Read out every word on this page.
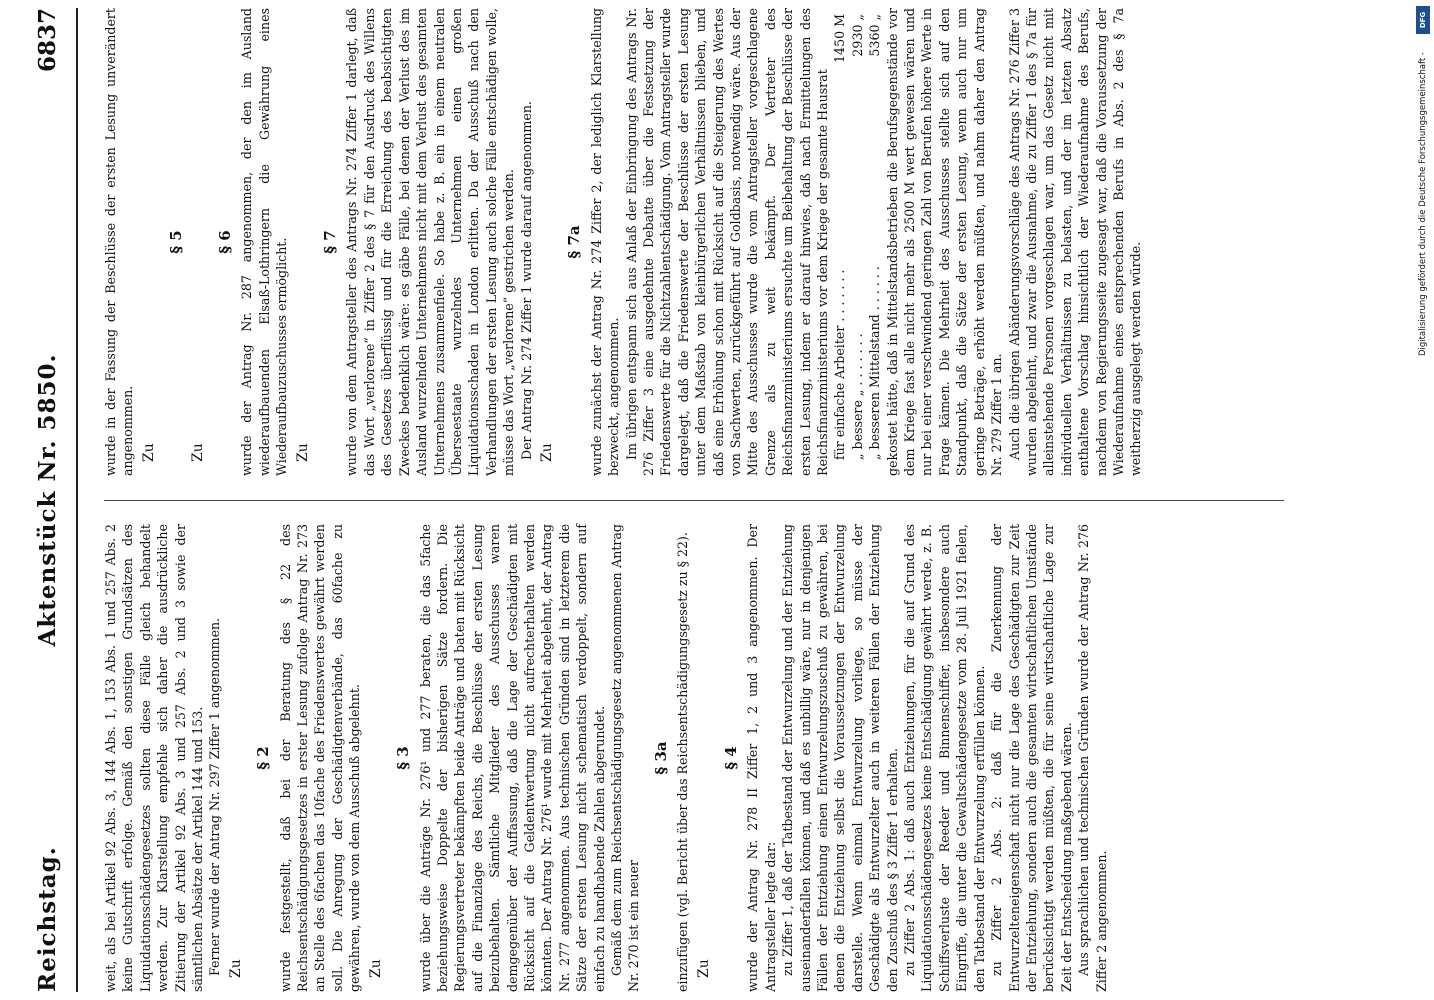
Reichstag.
Aktenstück Nr. 5850.
6837

weit, als bei Artikel 92 Abs. 3, 144 Abs. 1, 153 Abs. 1 und 257 Abs. 2 keine Gutschrift erfolge. Gemäß den sonstigen Grundsätzen des Liquidationsschädengesetzes sollten diese Fälle gleich behandelt werden. Zur Klarstellung empfehle sich daher die ausdrückliche Zitierung der Artikel 92 Abs. 3 und 257 Abs. 2 und 3 sowie der sämtlichen Absätze der Artikel 144 und 153. Ferner wurde der Antrag Nr. 297 Ziffer 1 angenommen. Zu
§ 2 wurde festgestellt, daß bei der Beratung des § 22 des Reichsentschädigungsgesetzes in erster Lesung zufolge Antrag Nr. 273 an Stelle des 6fachen das 10fache des Friedenswertes gewährt werden soll. Die Anregung der Geschädigtenverbände, das 60fache zu gewähren, wurde von dem Ausschuß abgelehnt. Zu
§ 3 wurde über die Anträge Nr. 276¹ und 277 beraten, die das 5fache beziehungsweise Doppelte der bisherigen Sätze fordern. Die Regierungsvertreter bekämpften beide Anträge und baten mit Rücksicht auf die Finanzlage des Reichs, die Beschlüsse der ersten Lesung beizubehalten. Sämtliche Mitglieder des Ausschusses waren demgegenüber der Auffassung, daß die Lage der Geschädigten mit Rücksicht auf die Geldentwertung nicht aufrechterhalten werden könnten. Der Antrag Nr. 276¹ wurde mit Mehrheit abgelehnt, der Antrag Nr. 277 angenommen. Aus technischen Gründen sind in letzterem die Sätze der ersten Lesung nicht schematisch verdoppelt, sondern auf einfach zu handhabende Zahlen abgerundet. Gemäß dem zum Reichsentschädigungsgesetz angenommenen Antrag Nr. 270 ist ein neuer

§ 3a einzufügen (vgl. Bericht über das Reichsentschädigungsgesetz zu § 22). Zu
§ 4 wurde der Antrag Nr. 278 II Ziffer 1, 2 und 3 angenommen. Der Antragsteller legte dar: zu Ziffer 1, daß der Tatbestand der Entwurzelung und der Entziehung auseinanderfallen können, und daß es unbillig wäre, nur in denjenigen Fällen der Entziehung einen Entwurzelungszuschuß zu gewähren, bei denen die Entziehung selbst die Voraussetzungen der Entwurzelung darstelle. Wenn einmal Entwurzelung vorliege, so müsse der Geschädigte als Entwurzelter auch in weiteren Fällen der Entziehung den Zuschuß des § 3 Ziffer 1 erhalten. zu Ziffer 2 Abs. 1: daß auch Entziehungen, für die auf Grund des Liquidationsschädengesetzes keine Entschädigung gewährt werde, z. B. Schiffsverluste der Reeder und Binnenschiffer, insbesondere auch Eingriffe, die unter die Gewaltschädengesetze vom 28. Juli 1921 fielen, den Tatbestand der Entwurzelung erfüllen können. zu Ziffer 2 Abs. 2: daß für die Zuerkennung der Entwurzelteneigenschaft nicht nur die Lage des Geschädigten zur Zeit der Entziehung, sondern auch die gesamten wirtschaftlichen Umstände berücksichtigt werden müßten, die für seine wirtschaftliche Lage zur Zeit der Entscheidung maßgebend wären. Aus sprachlichen und technischen Gründen wurde der Antrag Nr. 276 Ziffer 2 angenommen.

wurde in der Fassung der Beschlüsse der ersten Lesung unverändert angenommen. Zu
§ 5
Zu
§ 6 wurde der Antrag Nr. 287 angenommen, der den im Ausland wiederaufbauenden Elsaß-Lothringern die Gewährung eines Wiederaufbauzuschusses ermöglicht. Zu
§ 7 wurde von dem Antragsteller des Antrags Nr. 274 Ziffer 1 darlegt, daß das Wort „verlorene“ in Ziffer 2 des § 7 für den Ausdruck des Willens des Gesetzes überflüssig und für die Erreichung des beabsichtigten Zweckes bedenklich wäre: es gäbe Fälle, bei denen der Verlust des im Ausland wurzelnden Unternehmens nicht mit dem Verlust des gesamten Unternehmens zusammenfiele. So habe z. B. ein in einem neutralen Überseestaate wurzelndes Unternehmen einen großen Liquidationsschaden in London erlitten. Da der Ausschuß nach den Verhandlungen der ersten Lesung auch solche Fälle entschädigen wolle, müsse das Wort „verlorene“ gestrichen werden. Der Antrag Nr. 274 Ziffer 1 wurde darauf angenommen. Zu
§ 7a wurde zunächst der Antrag Nr. 274 Ziffer 2, der lediglich Klarstellung bezweckt, angenommen. Im übrigen entspann sich aus Anlaß der Einbringung des Antrags Nr. 276 Ziffer 3 eine ausgedehnte Debatte über die Festsetzung der Friedenswerte für die Nichtzahlentschädigung. Vom Antragsteller wurde dargelegt, daß die Friedenswerte der Beschlüsse der ersten Lesung unter dem Maßstab von kleinbürgerlichen Verhältnissen blieben, und daß eine Erhöhung schon mit Rücksicht auf die Steigerung des Wertes von Sachwerten, zurückgeführt auf Goldbasis, notwendig wäre. Aus der Mitte des Ausschusses wurde die vom Antragsteller vorgeschlagene Grenze als zu weit bekämpft. Der Vertreter des Reichsfinanzministeriums ersuchte um Beibehaltung der Beschlüsse der ersten Lesung, indem er darauf hinwies, daß nach Ermittelungen des Reichsfinanzministeriums vor dem Kriege der gesamte Hausrat für einfache Arbeiter . . . . . . .
1450 M
„ bessere „ . . . . . . .
2930 „
„ besseren Mittelstand . . . . . .
5360 „ gekostet hätte, daß in Mittelstandsbetrieben die Berufsgegenstände vor dem Kriege fast alle nicht mehr als 2500 M wert gewesen wären und nur bei einer verschwindend geringen Zahl von Berufen höhere Werte in Frage kämen. Die Mehrheit des Ausschusses stellte sich auf den Standpunkt, daß die Sätze der ersten Lesung, wenn auch nur um geringe Beträge, erhöht werden müßten, und nahm daher den Antrag Nr. 279 Ziffer 1 an. Auch die übrigen Abänderungsvorschläge des Antrags Nr. 276 Ziffer 3 wurden abgelehnt, und zwar die Ausnahme, die zu Ziffer 1 des § 7a für alleinstehende Personen vorgeschlagen war, um das Gesetz nicht mit individuellen Verhältnissen zu belasten, und der im letzten Absatz enthaltene Vorschlag hinsichtlich der Wiederaufnahme des Berufs, nachdem von Regierungsseite zugesagt war, daß die Voraussetzung der Wiederaufnahme eines entsprechenden Berufs in Abs. 2 des § 7a weitherzig ausgelegt werden würde.

Digitalisierung gefördert durch die Deutsche Forschungsgemeinschaft -
DFG
